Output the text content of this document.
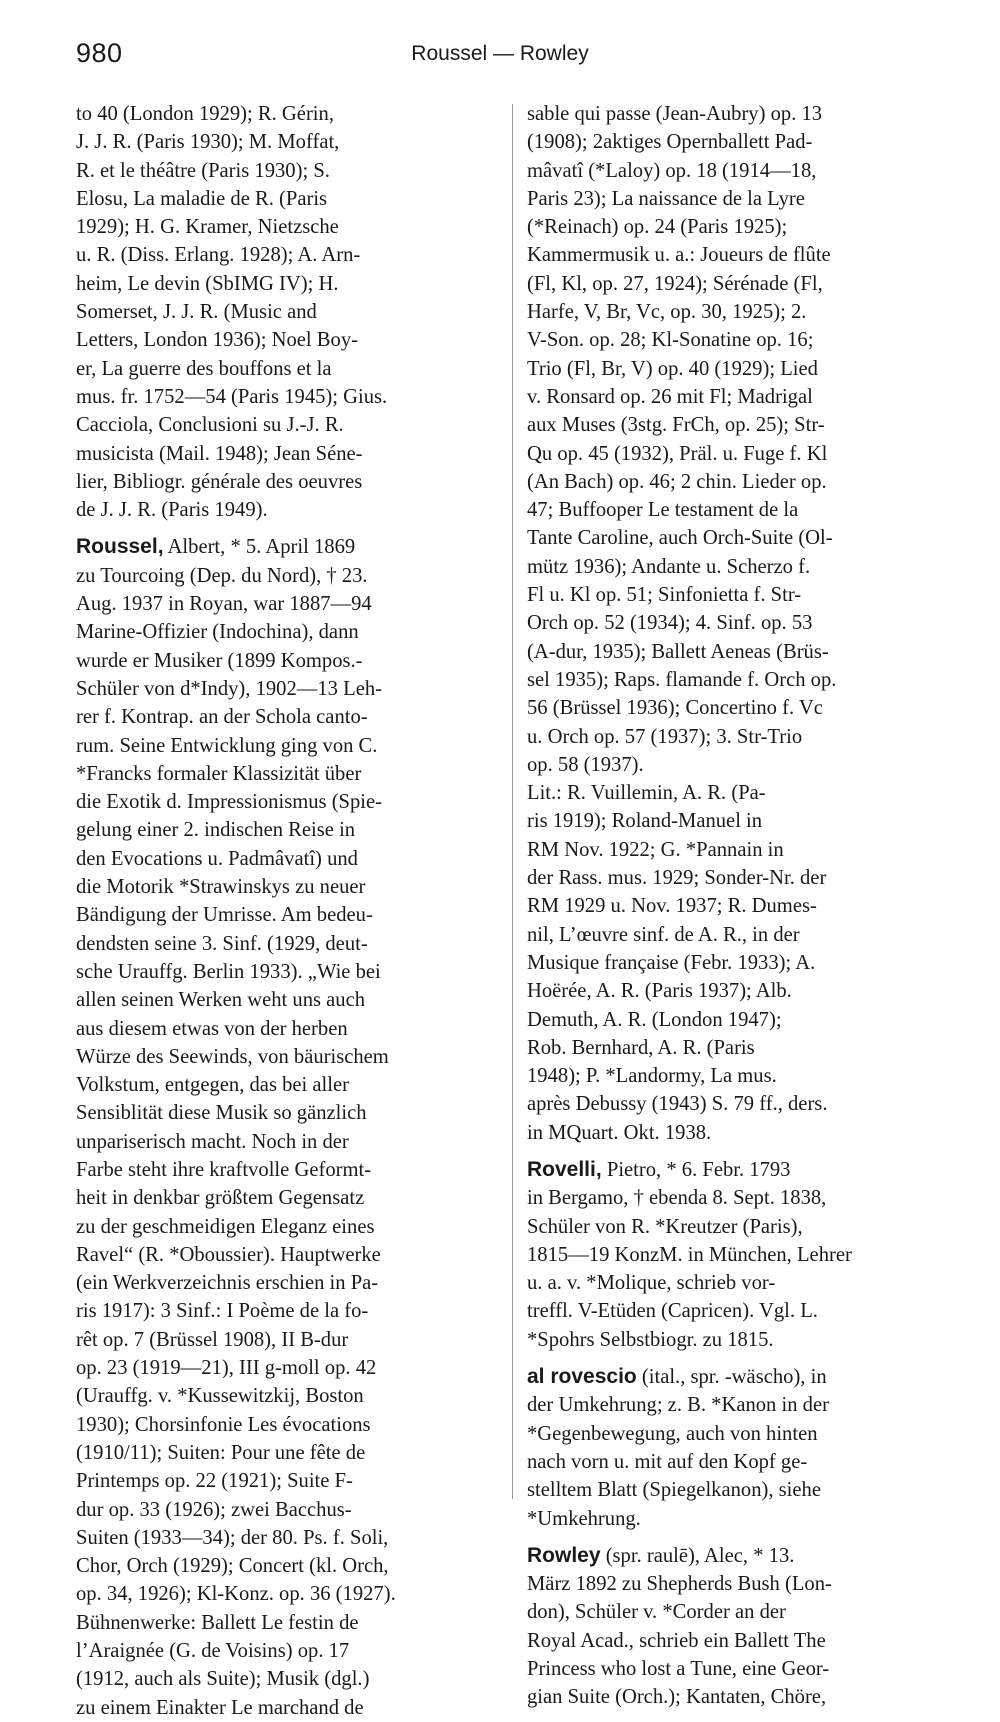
980	Roussel — Rowley
to 40 (London 1929); R. Gérin,
J. J. R. (Paris 1930); M. Moffat,
R. et le théâtre (Paris 1930); S.
Elosu, La maladie de R. (Paris
1929); H. G. Kramer, Nietzsche
u. R. (Diss. Erlang. 1928); A. Arn-
heim, Le devin (SbIMG IV); H.
Somerset, J. J. R. (Music and
Letters, London 1936); Noel Boy-
er, La guerre des bouffons et la
mus. fr. 1752—54 (Paris 1945); Gius.
Cacciola, Conclusioni su J.-J. R.
musicista (Mail. 1948); Jean Séne-
lier, Bibliogr. générale des oeuvres
de J. J. R. (Paris 1949).
Roussel, Albert, * 5. April 1869
zu Tourcoing (Dep. du Nord), † 23.
Aug. 1937 in Royan, war 1887—94
Marine-Offizier (Indochina), dann
wurde er Musiker (1899 Kompos.-
Schüler von d*Indy), 1902—13 Leh-
rer f. Kontrap. an der Schola canto-
rum. Seine Entwicklung ging von C.
*Francks formaler Klassizität über
die Exotik d. Impressionismus (Spie-
gelung einer 2. indischen Reise in
den Evocations u. Padmâvatî) und
die Motorik *Strawinskys zu neuer
Bändigung der Umrisse. Am bedeu-
dendsten seine 3. Sinf. (1929, deut-
sche Urauffg. Berlin 1933). „Wie bei
allen seinen Werken weht uns auch
aus diesem etwas von der herben
Würze des Seewinds, von bäurischem
Volkstum, entgegen, das bei aller
Sensiblität diese Musik so gänzlich
unpariserisch macht. Noch in der
Farbe steht ihre kraftvolle Geformt-
heit in denkbar größtem Gegensatz
zu der geschmeidigen Eleganz eines
Ravel“ (R. *Oboussier). Hauptwerke
(ein Werkverzeichnis erschien in Pa-
ris 1917): 3 Sinf.: I Poème de la fo-
rêt op. 7 (Brüssel 1908), II B-dur
op. 23 (1919—21), III g-moll op. 42
(Urauffg. v. *Kussewitzkij, Boston
1930); Chorsinfonie Les évocations
(1910/11); Suiten: Pour une fête de
Printemps op. 22 (1921); Suite F-
dur op. 33 (1926); zwei Bacchus-
Suiten (1933—34); der 80. Ps. f. Soli,
Chor, Orch (1929); Concert (kl. Orch,
op. 34, 1926); Kl-Konz. op. 36 (1927).
Bühnenwerke: Ballett Le festin de
l’Araignée (G. de Voisins) op. 17
(1912, auch als Suite); Musik (dgl.)
zu einem Einakter Le marchand de
sable qui passe (Jean-Aubry) op. 13
(1908); 2aktiges Opernballett Pad-
mâvatî (*Laloy) op. 18 (1914—18,
Paris 23); La naissance de la Lyre
(*Reinach) op. 24 (Paris 1925);
Kammermusik u. a.: Joueurs de flûte
(Fl, Kl, op. 27, 1924); Sérénade (Fl,
Harfe, V, Br, Vc, op. 30, 1925); 2.
V-Son. op. 28; Kl-Sonatine op. 16;
Trio (Fl, Br, V) op. 40 (1929); Lied
v. Ronsard op. 26 mit Fl; Madrigal
aux Muses (3stg. FrCh, op. 25); Str-
Qu op. 45 (1932), Präl. u. Fuge f. Kl
(An Bach) op. 46; 2 chin. Lieder op.
47; Buffooper Le testament de la
Tante Caroline, auch Orch-Suite (Ol-
mütz 1936); Andante u. Scherzo f.
Fl u. Kl op. 51; Sinfonietta f. Str-
Orch op. 52 (1934); 4. Sinf. op. 53
(A-dur, 1935); Ballett Aeneas (Brüs-
sel 1935); Raps. flamande f. Orch op.
56 (Brüssel 1936); Concertino f. Vc
u. Orch op. 57 (1937); 3. Str-Trio
op. 58 (1937).
Lit.: R. Vuillemin, A. R. (Pa-
ris 1919); Roland-Manuel in
RM Nov. 1922; G. *Pannain in
der Rass. mus. 1929; Sonder-Nr. der
RM 1929 u. Nov. 1937; R. Dumes-
nil, L’œuvre sinf. de A. R., in der
Musique française (Febr. 1933); A.
Hoërée, A. R. (Paris 1937); Alb.
Demuth, A. R. (London 1947);
Rob. Bernhard, A. R. (Paris
1948); P. *Landormy, La mus.
après Debussy (1943) S. 79 ff., ders.
in MQuart. Okt. 1938.
Rovelli, Pietro, * 6. Febr. 1793
in Bergamo, † ebenda 8. Sept. 1838,
Schüler von R. *Kreutzer (Paris),
1815—19 KonzM. in München, Lehrer
u. a. v. *Molique, schrieb vor-
treffl. V-Etüden (Capricen). Vgl. L.
*Spohrs Selbstbiogr. zu 1815.
al rovescio (ital., spr. -wäscho), in
der Umkehrung; z. B. *Kanon in der
*Gegenbewegung, auch von hinten
nach vorn u. mit auf den Kopf ge-
stelltem Blatt (Spiegelkanon), siehe
*Umkehrung.
Rowley (spr. raulē), Alec, * 13.
März 1892 zu Shepherds Bush (Lon-
don), Schüler v. *Corder an der
Royal Acad., schrieb ein Ballett The
Princess who lost a Tune, eine Geor-
gian Suite (Orch.); Kantaten, Chöre,
